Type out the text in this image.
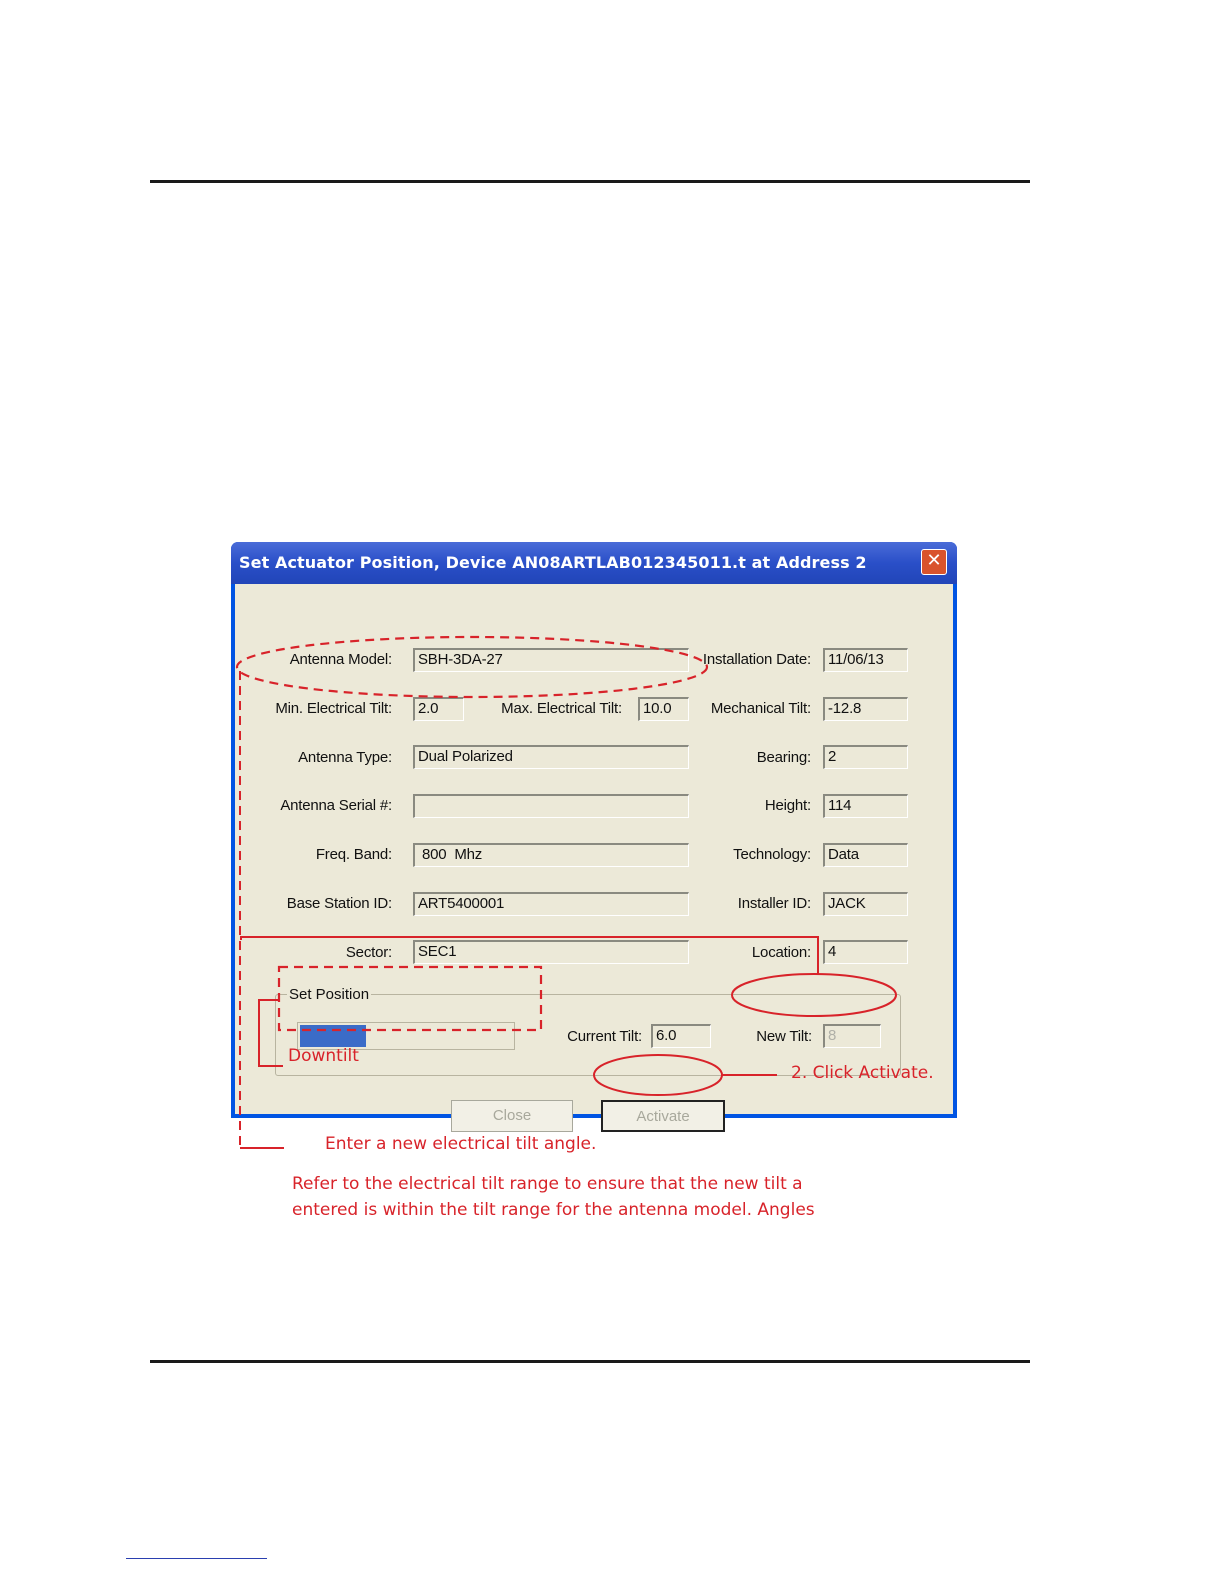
Set Actuator Position, Device AN08ARTLAB012345011.t at Address 2	✕
Antenna Model:	SBH-3DA-27	Installation Date:	11/06/13
Min. Electrical Tilt:	2.0	Max. Electrical Tilt:	10.0	Mechanical Tilt:	-12.8
Antenna Type:	Dual Polarized	Bearing:	2
Antenna Serial #:	Height:	114
Freq. Band:	800  Mhz	Technology:	Data
Base Station ID:	ART5400001	Installer ID:	JACK
Sector:	SEC1	Location:	4
Set Position
Current Tilt: 6.0	New Tilt:	8
Close	Activate
Downtilt
2. Click Activate.
Enter a new electrical tilt angle.
Refer to the electrical tilt range to ensure that the new tilt a
entered is within the tilt range for the antenna model. Angles
